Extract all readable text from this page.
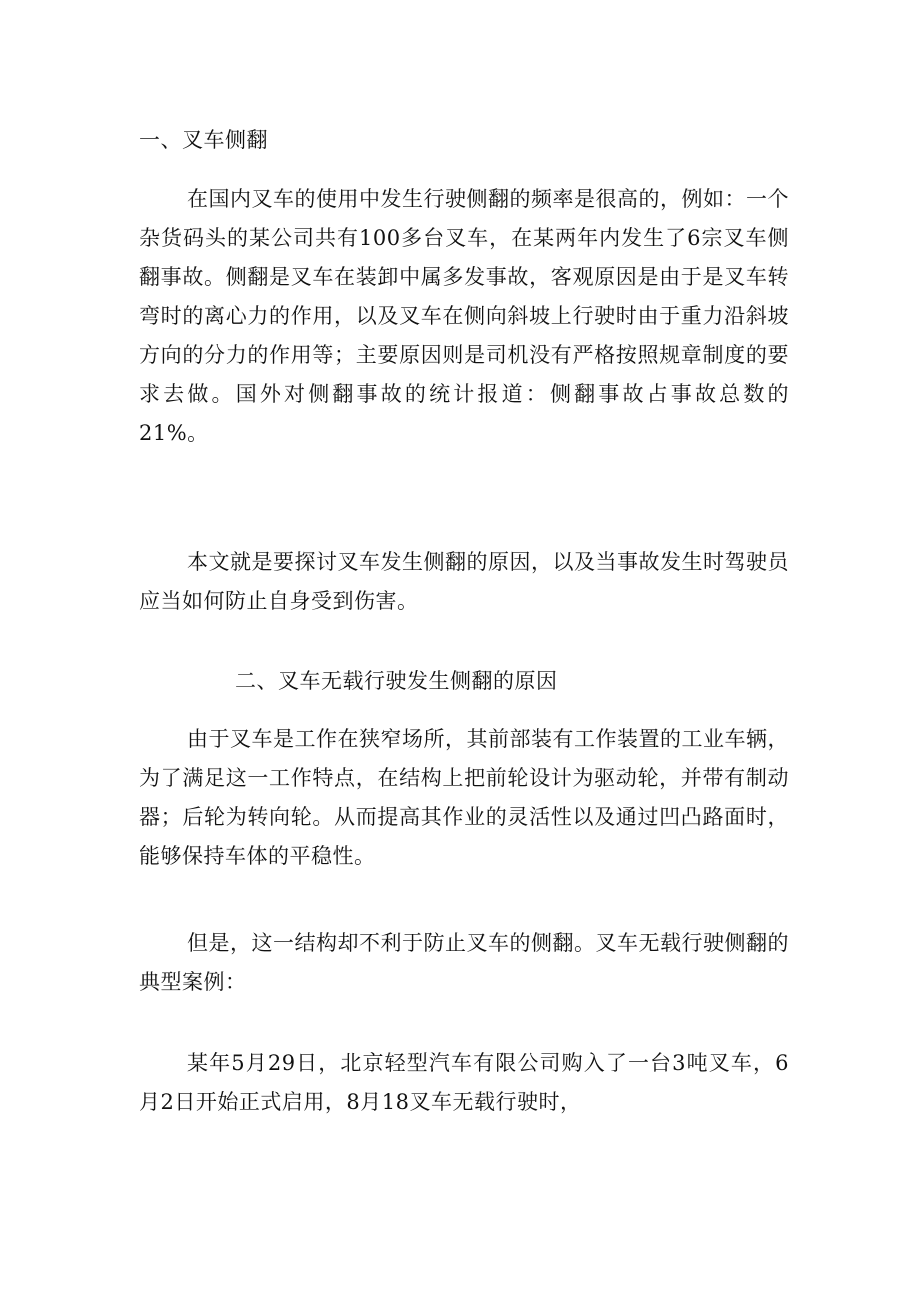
一、叉车侧翻

在国内叉车的使用中发生行驶侧翻的频率是很高的，例如：一个杂货码头的某公司共有100多台叉车，在某两年内发生了6宗叉车侧翻事故。侧翻是叉车在装卸中属多发事故，客观原因是由于是叉车转弯时的离心力的作用，以及叉车在侧向斜坡上行驶时由于重力沿斜坡方向的分力的作用等；主要原因则是司机没有严格按照规章制度的要求去做。国外对侧翻事故的统计报道：侧翻事故占事故总数的21%。

本文就是要探讨叉车发生侧翻的原因，以及当事故发生时驾驶员应当如何防止自身受到伤害。

二、叉车无载行驶发生侧翻的原因

由于叉车是工作在狭窄场所，其前部装有工作装置的工业车辆，为了满足这一工作特点，在结构上把前轮设计为驱动轮，并带有制动器；后轮为转向轮。从而提高其作业的灵活性以及通过凹凸路面时，能够保持车体的平稳性。

但是，这一结构却不利于防止叉车的侧翻。叉车无载行驶侧翻的典型案例：

某年5月29日，北京轻型汽车有限公司购入了一台3吨叉车，6月2日开始正式启用，8月18叉车无载行驶时，
